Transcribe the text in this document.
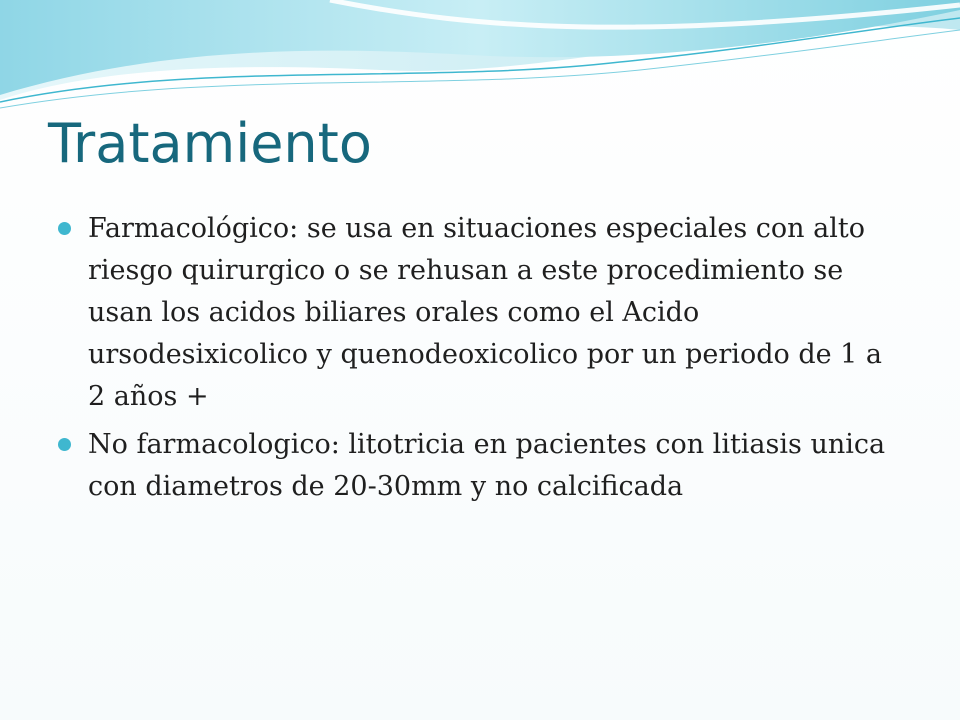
Tratamiento
Farmacológico: se usa en situaciones especiales con alto riesgo quirurgico o se rehusan a este procedimiento se usan los acidos biliares orales como el Acido ursodesixicolico y quenodeoxicolico por un periodo de 1 a 2 años +
No farmacologico: litotricia en pacientes con litiasis unica con diametros de 20-30mm y no calcificada
